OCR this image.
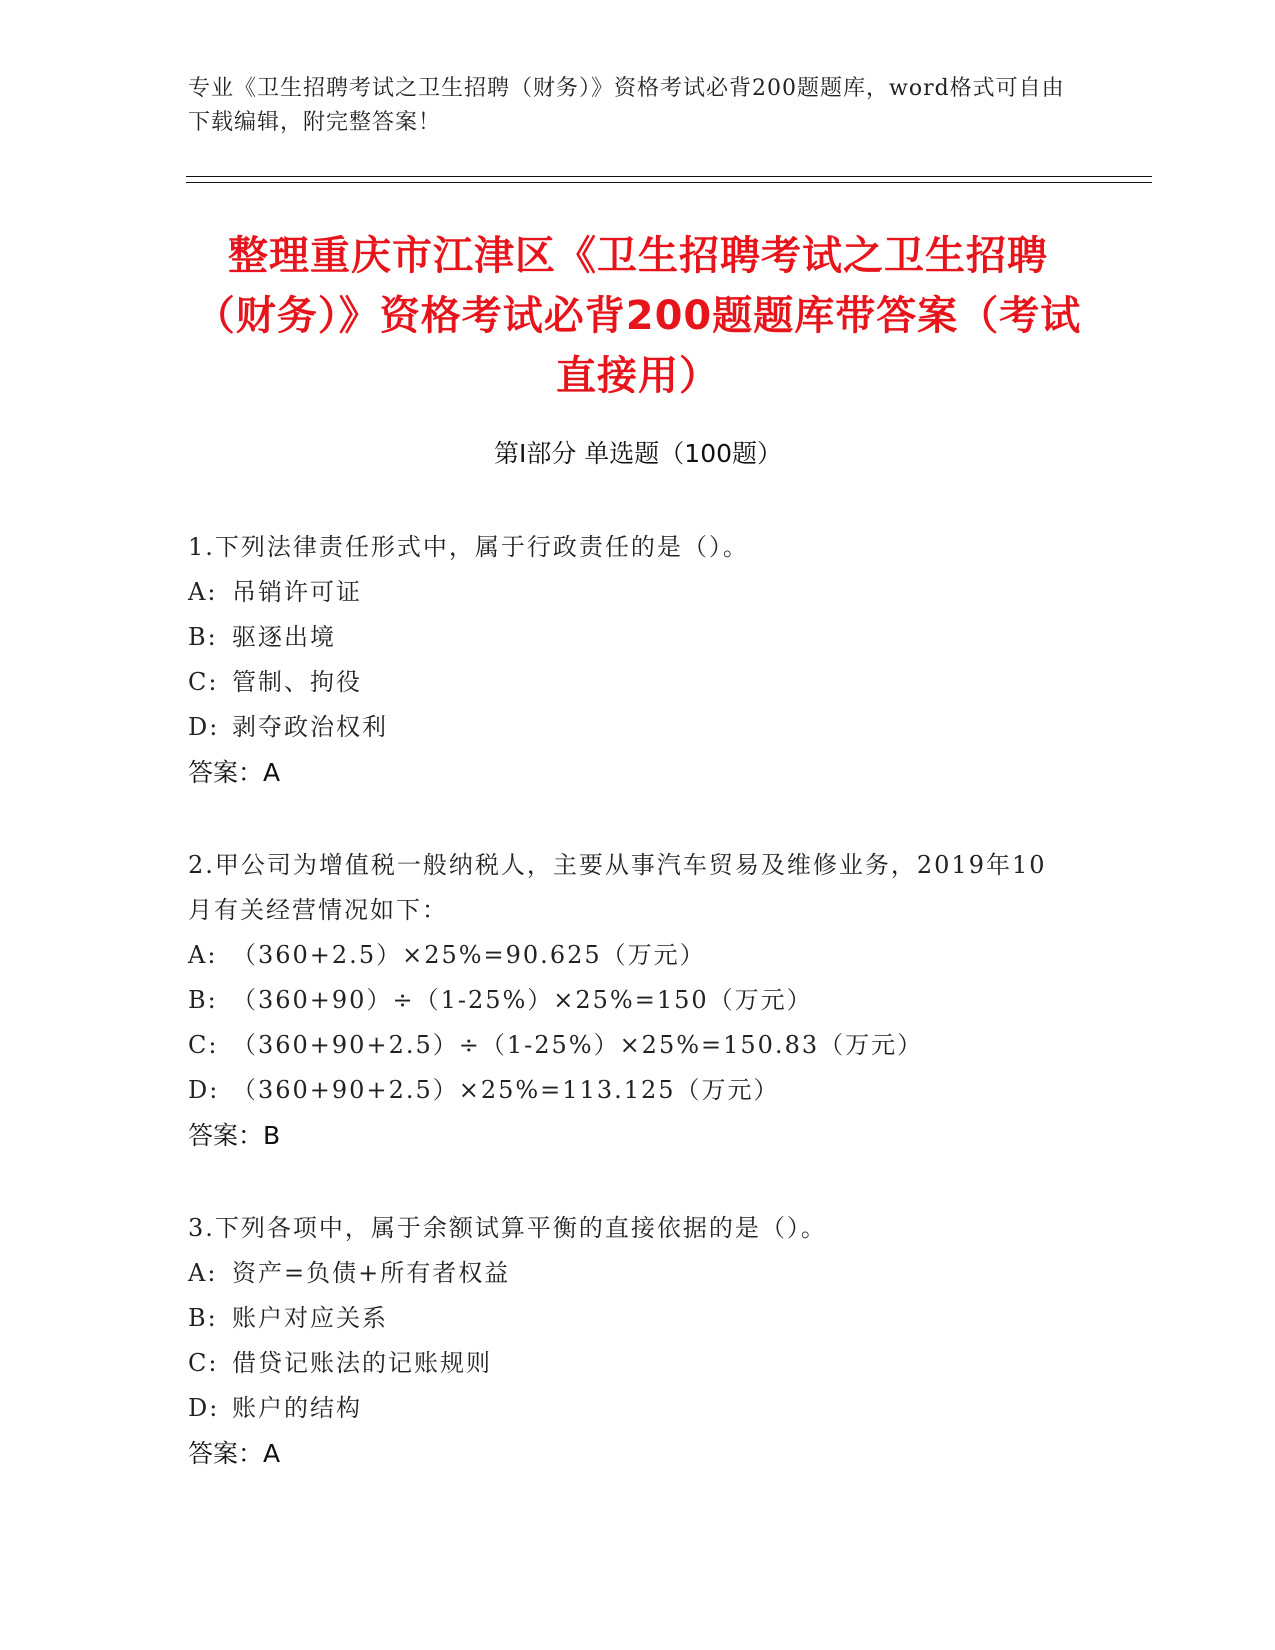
专业《卫生招聘考试之卫生招聘（财务）》资格考试必背200题题库，word格式可自由下载编辑，附完整答案！
整理重庆市江津区《卫生招聘考试之卫生招聘（财务）》资格考试必背200题题库带答案（考试直接用）
第Ⅰ部分 单选题（100题）
1.下列法律责任形式中，属于行政责任的是（）。
A: 吊销许可证
B: 驱逐出境
C: 管制、拘役
D: 剥夺政治权利
答案：A
2.甲公司为增值税一般纳税人，主要从事汽车贸易及维修业务，2019年10月有关经营情况如下：
A: （360+2.5）×25%=90.625（万元）
B: （360+90）÷（1-25%）×25%=150（万元）
C: （360+90+2.5）÷（1-25%）×25%=150.83（万元）
D: （360+90+2.5）×25%=113.125（万元）
答案：B
3.下列各项中，属于余额试算平衡的直接依据的是（）。
A: 资产=负债+所有者权益
B: 账户对应关系
C: 借贷记账法的记账规则
D: 账户的结构
答案：A
